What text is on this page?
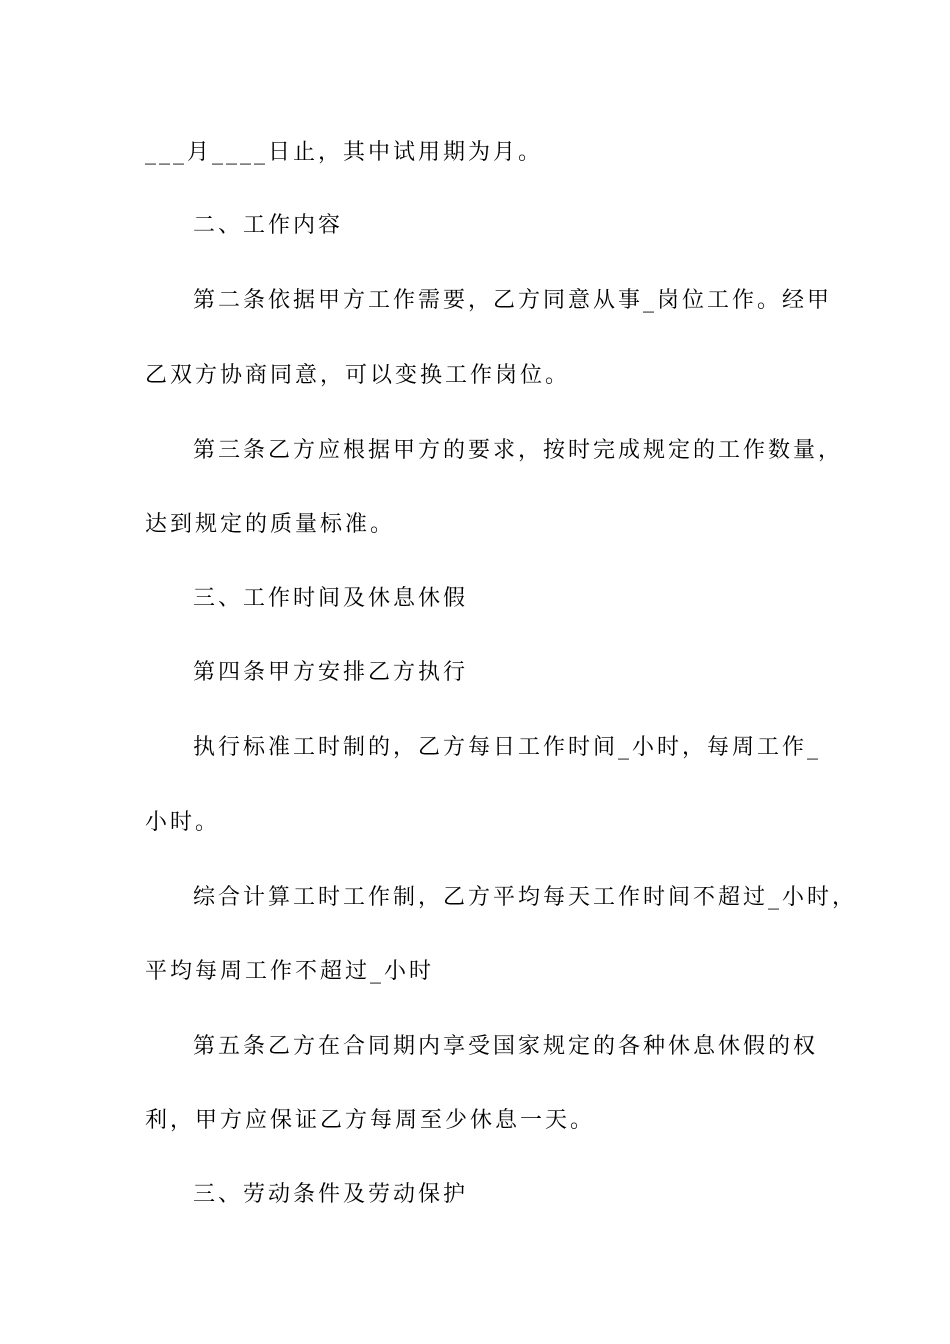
___月____日止，其中试用期为月。
二、工作内容
第二条依据甲方工作需要，乙方同意从事_岗位工作。经甲
乙双方协商同意，可以变换工作岗位。
第三条乙方应根据甲方的要求，按时完成规定的工作数量，
达到规定的质量标准。
三、工作时间及休息休假
第四条甲方安排乙方执行
执行标准工时制的，乙方每日工作时间_小时，每周工作_
小时。
综合计算工时工作制，乙方平均每天工作时间不超过_小时，
平均每周工作不超过_小时
第五条乙方在合同期内享受国家规定的各种休息休假的权
利，甲方应保证乙方每周至少休息一天。
三、劳动条件及劳动保护
